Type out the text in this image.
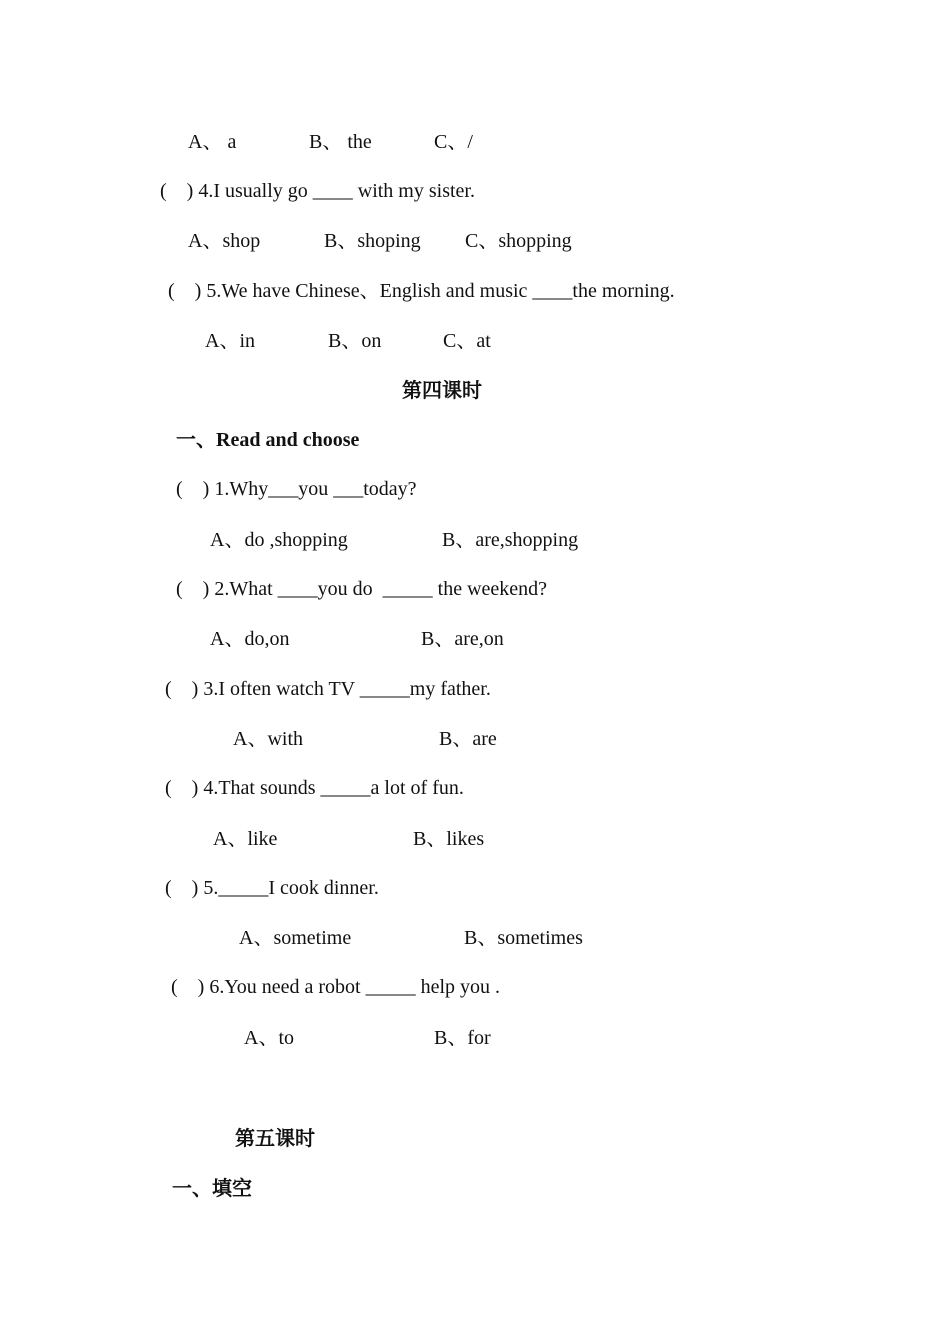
A、 a	B、 the	C、/
(    ) 4.I usually go ____ with my sister.
A、shop	B、shoping C、shopping
(    ) 5.We have Chinese、English and music ____the morning.
A、in	B、on	C、at
第四课时
一、Read and choose
(    ) 1.Why___you ___today?
A、do ,shopping	B、are,shopping
(    ) 2.What ____you do  _____ the weekend?
A、do,on	B、are,on
(    ) 3.I often watch TV _____my father.
A、with	B、are
(    ) 4.That sounds _____a lot of fun.
A、like	B、likes
(    ) 5._____I cook dinner.
A、sometime	B、sometimes
(    ) 6.You need a robot _____ help you .
A、to	B、for
第五课时
一、填空
